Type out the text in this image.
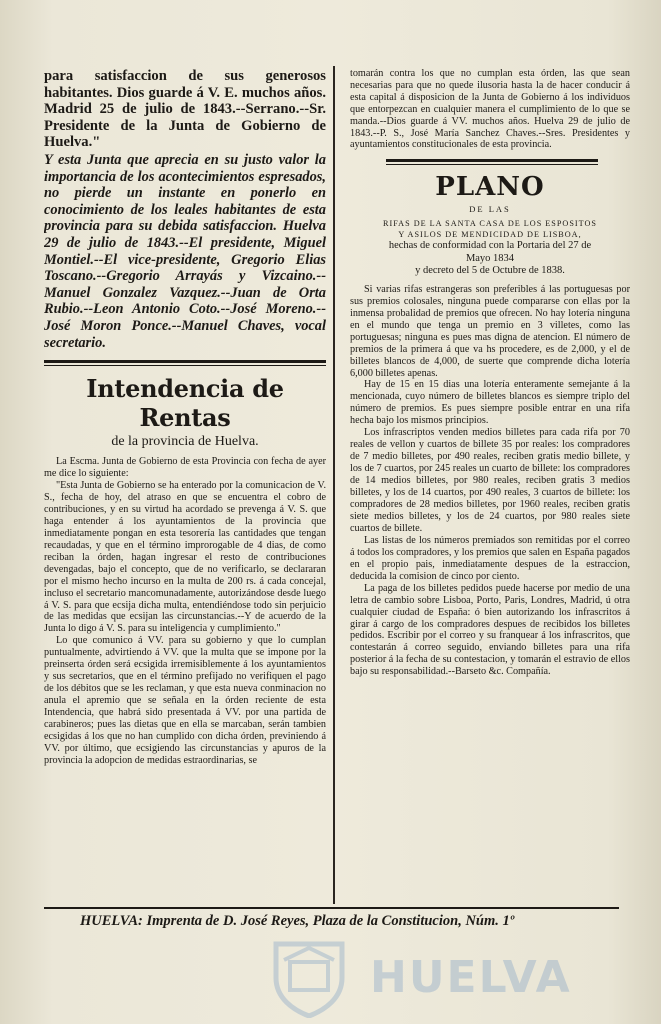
para satisfaccion de sus generosos habitantes. Dios guarde á V. E. muchos años. Madrid 25 de julio de 1843.--Serrano.--Sr. Presidente de la Junta de Gobierno de Huelva."

Y esta Junta que aprecia en su justo valor la importancia de los acontecimientos espresados, no pierde un instante en ponerlo en conocimiento de los leales habitantes de esta provincia para su debida satisfaccion. Huelva 29 de julio de 1843.--El presidente, Miguel Montiel.--El vice-presidente, Gregorio Elias Toscano.--Gregorio Arrayás y Vizcaino.--Manuel Gonzalez Vazquez.--Juan de Orta Rubio.--Leon Antonio Coto.--José Moreno.--José Moron Ponce.--Manuel Chaves, vocal secretario.

Intendencia de Rentas
de la provincia de Huelva.

La Escma. Junta de Gobierno de esta Provincia con fecha de ayer me dice lo siguiente:

"Esta Junta de Gobierno se ha enterado por la comunicacion de V. S., fecha de hoy, del atraso en que se encuentra el cobro de contribuciones, y en su virtud ha acordado se prevenga á V. S. que haga entender á los ayuntamientos de la provincia que inmediatamente pongan en esta tesorería las cantidades que tengan recaudadas, y que en el término improrogable de 4 dias, de como reciban la órden, hagan ingresar el resto de contribuciones devengadas, bajo el concepto, que de no verificarlo, se declararan por el mismo hecho incurso en la multa de 200 rs. á cada concejal, incluso el secretario mancomunadamente, autorizándose desde luego á V. S. para que ecsija dicha multa, entendiéndose todo sin perjuicio de las medidas que ecsijan las circunstancias.--Y de acuerdo de la Junta lo digo á V. S. para su inteligencia y cumplimiento."

Lo que comunico á VV. para su gobierno y que lo cumplan puntualmente, advirtiendo á VV. que la multa que se impone por la preinserta órden será ecsigida irremisiblemente á los ayuntamientos y sus secretarios, que en el término prefijado no verifiquen el pago de los débitos que se les reclaman, y que esta nueva conminacion no anula el apremio que se señala en la órden reciente de esta Intendencia, que habrá sido presentada á VV. por una partida de carabineros; pues las dietas que en ella se marcaban, serán tambien ecsigidas á los que no han cumplido con dicha órden, previniendo á VV. por último, que ecsigiendo las circunstancias y apuros de la provincia la adopcion de medidas estraordinarias, se

tomarán contra los que no cumplan esta órden, las que sean necesarias para que no quede ilusoria hasta la de hacer conducir á esta capital á disposicion de la Junta de Gobierno á los individuos que entorpezcan en cualquier manera el cumplimiento de lo que se manda.--Dios guarde á VV. muchos años. Huelva 29 de julio de 1843.--P. S., José María Sanchez Chaves.--Sres. Presidentes y ayuntamientos constitucionales de esta provincia.

PLANO
DE LAS
RIFAS DE LA SANTA CASA DE LOS ESPOSITOS
Y ASILOS DE MENDICIDAD DE LISBOA,
hechas de conformidad con la Portaria del 27 de
Mayo 1834
y decreto del 5 de Octubre de 1838.

Si varias rifas estrangeras son preferibles á las portuguesas por sus premios colosales, ninguna puede compararse con ellas por la inmensa probalidad de premios que ofrecen. No hay lotería ninguna en el mundo que tenga un premio en 3 villetes, como las portuguesas; ninguna es pues mas digna de atencion. El número de premios de la primera á que va hs procedere, es de 2,000, y el de billetes blancos de 4,000, de suerte que comprende dicha lotería 6,000 billetes apenas.

Hay de 15 en 15 dias una lotería enteramente semejante á la mencionada, cuyo número de billetes blancos es siempre triplo del número de premios. Es pues siempre posible entrar en una rifa hecha bajo los mismos principios.

Los infrascriptos venden medios billetes para cada rifa por 70 reales de vellon y cuartos de billete 35 por reales: los compradores de 7 medio billetes, por 490 reales, reciben gratis medio billete, y los de 7 cuartos, por 245 reales un cuarto de billete: los compradores de 14 medios billetes, por 980 reales, reciben gratis 3 medios billetes, y los de 14 cuartos, por 490 reales, 3 cuartos de billete: los compradores de 28 medios billetes, por 1960 reales, reciben gratis siete medios billetes, y los de 24 cuartos, por 980 reales siete cuartos de billete.

Las listas de los números premiados son remitidas por el correo á todos los compradores, y los premios que salen en España pagados en el propio pais, inmediatamente despues de la estraccion, deducida la comision de cinco por ciento.

La paga de los billetes pedidos puede hacerse por medio de una letra de cambio sobre Lisboa, Porto, Paris, Londres, Madrid, ú otra cualquier ciudad de España: ó bien autorizando los infrascritos á girar á cargo de los compradores despues de recibidos los billetes pedidos. Escribir por el correo y su franquear á los infrascritos, que contestarán á correo seguido, enviando billetes para una rifa posterior á la fecha de su contestacion, y tomarán el estravio de ellos bajo su responsabilidad.--Barseto &c. Compañía.

HUELVA: Imprenta de D. José Reyes, Plaza de la Constitucion, Núm. 1º
HUELVA
